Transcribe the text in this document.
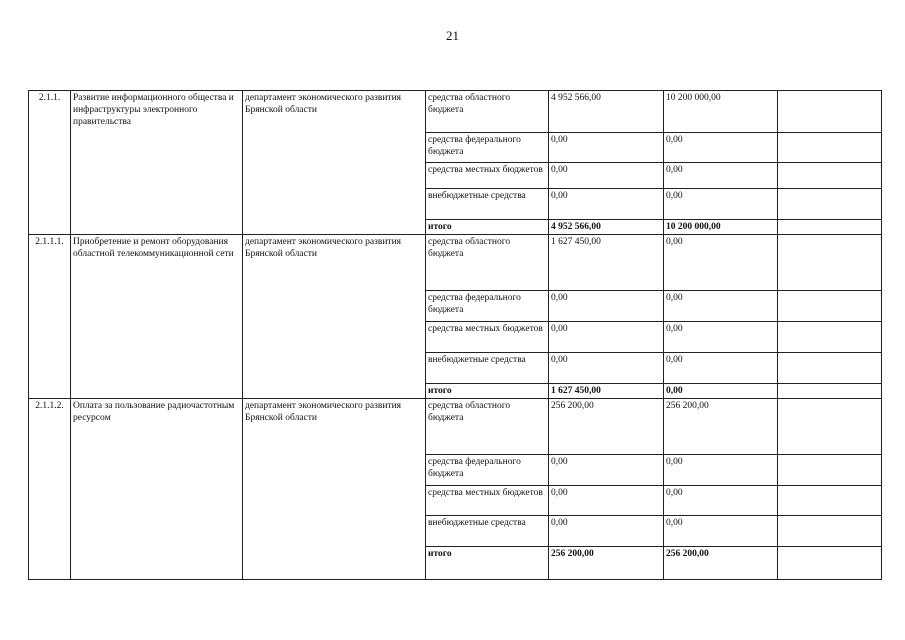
21
2.1.1.	Развитие информационного общества и инфраструктуры электронного правительства	департамент экономического развития Брянской области	средства областного бюджета	4 952 566,00	10 200 000,00	
			средства федерального бюджета	0,00	0,00	
			средства местных бюджетов	0,00	0,00	
			внебюджетные средства	0,00	0,00	
			итого	4 952 566,00	10 200 000,00	
2.1.1.1.	Приобретение и ремонт оборудования областной телекоммуникационной сети	департамент экономического развития Брянской области	средства областного бюджета	1 627 450,00	0,00	
			средства федерального бюджета	0,00	0,00	
			средства местных бюджетов	0,00	0,00	
			внебюджетные средства	0,00	0,00	
			итого	1 627 450,00	0,00	
2.1.1.2.	Оплата за пользование радиочастотным ресурсом	департамент экономического развития Брянской области	средства областного бюджета	256 200,00	256 200,00	
			средства федерального бюджета	0,00	0,00	
			средства местных бюджетов	0,00	0,00	
			внебюджетные средства	0,00	0,00	
			итого	256 200,00	256 200,00	
